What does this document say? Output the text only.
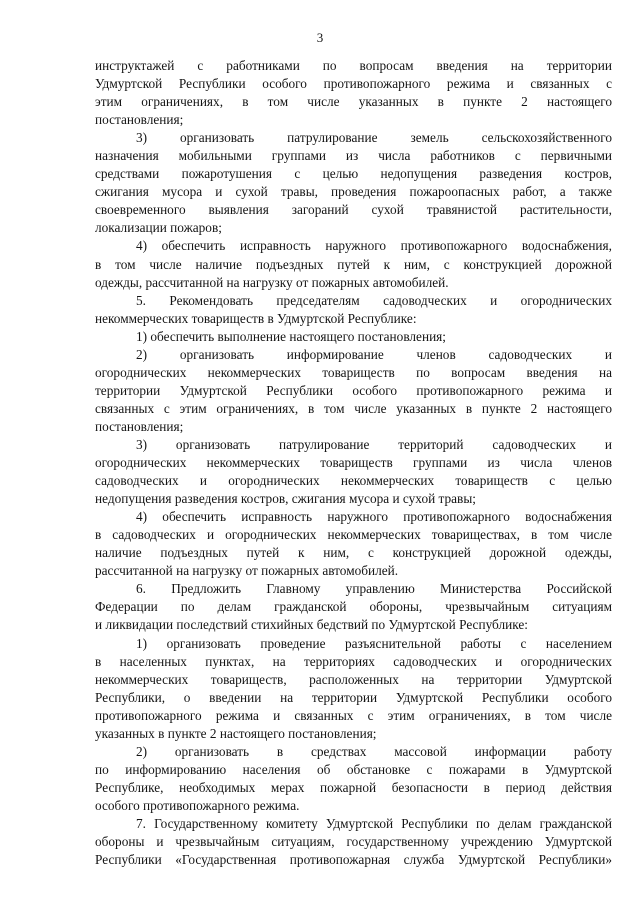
3
инструктажей с работниками по вопросам введения на территории
Удмуртской Республики особого противопожарного режима и связанных с
этим ограничениях, в том числе указанных в пункте 2 настоящего
постановления;
3) организовать патрулирование земель сельскохозяйственного
назначения мобильными группами из числа работников с первичными
средствами пожаротушения с целью недопущения разведения костров,
сжигания мусора и сухой травы, проведения пожароопасных работ, а также
своевременного выявления загораний сухой травянистой растительности,
локализации пожаров;
4) обеспечить исправность наружного противопожарного водоснабжения,
в том числе наличие подъездных путей к ним, с конструкцией дорожной
одежды, рассчитанной на нагрузку от пожарных автомобилей.
5. Рекомендовать председателям садоводческих и огороднических
некоммерческих товариществ в Удмуртской Республике:
1) обеспечить выполнение настоящего постановления;
2) организовать информирование членов садоводческих и
огороднических некоммерческих товариществ по вопросам введения на
территории Удмуртской Республики особого противопожарного режима и
связанных с этим ограничениях, в том числе указанных в пункте 2 настоящего
постановления;
3) организовать патрулирование территорий садоводческих и
огороднических некоммерческих товариществ группами из числа членов
садоводческих и огороднических некоммерческих товариществ с целью
недопущения разведения костров, сжигания мусора и сухой травы;
4) обеспечить исправность наружного противопожарного водоснабжения
в садоводческих и огороднических некоммерческих товариществах, в том числе
наличие подъездных путей к ним, с конструкцией дорожной одежды,
рассчитанной на нагрузку от пожарных автомобилей.
6. Предложить Главному управлению Министерства Российской
Федерации по делам гражданской обороны, чрезвычайным ситуациям
и ликвидации последствий стихийных бедствий по Удмуртской Республике:
1) организовать проведение разъяснительной работы с населением
в населенных пунктах, на территориях садоводческих и огороднических
некоммерческих товариществ, расположенных на территории Удмуртской
Республики, о введении на территории Удмуртской Республики особого
противопожарного режима и связанных с этим ограничениях, в том числе
указанных в пункте 2 настоящего постановления;
2) организовать в средствах массовой информации работу
по информированию населения об обстановке с пожарами в Удмуртской
Республике, необходимых мерах пожарной безопасности в период действия
особого противопожарного режима.
7. Государственному комитету Удмуртской Республики по делам гражданской
обороны и чрезвычайным ситуациям, государственному учреждению Удмуртской
Республики «Государственная противопожарная служба Удмуртской Республики»
